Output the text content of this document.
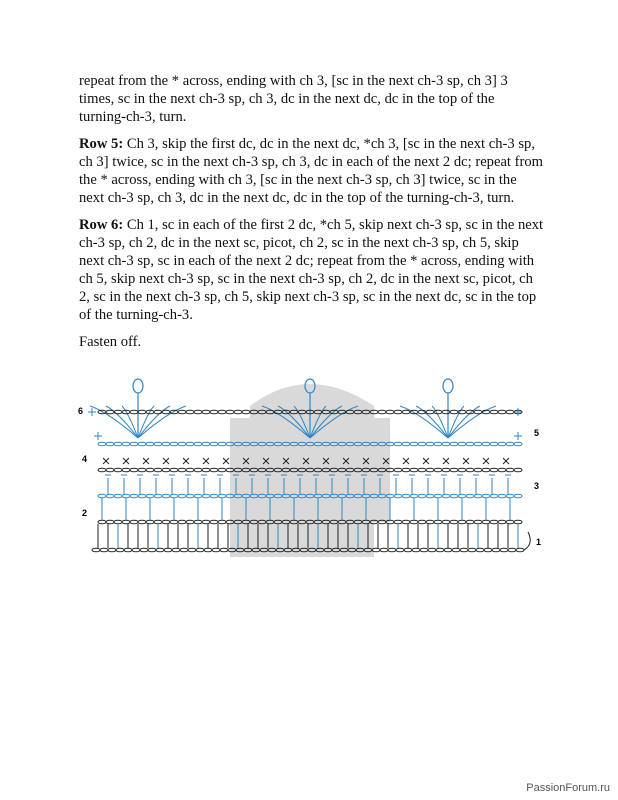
repeat from the * across, ending with ch 3, [sc in the next ch-3 sp, ch 3] 3 times, sc in the next ch-3 sp, ch 3, dc in the next dc, dc in the top of the turning-ch-3, turn.

Row 5: Ch 3, skip the first dc, dc in the next dc, *ch 3, [sc in the next ch-3 sp, ch 3] twice, sc in the next ch-3 sp, ch 3, dc in each of the next 2 dc; repeat from the * across, ending with ch 3, [sc in the next ch-3 sp, ch 3] twice, sc in the next ch-3 sp, ch 3, dc in the next dc, dc in the top of the turning-ch-3, turn.

Row 6: Ch 1, sc in each of the first 2 dc, *ch 5, skip next ch-3 sp, sc in the next ch-3 sp, ch 2, dc in the next sc, picot, ch 2, sc in the next ch-3 sp, ch 5, skip next ch-3 sp, sc in each of the next 2 dc; repeat from the * across, ending with ch 5, skip next ch-3 sp, sc in the next ch-3 sp, ch 2, dc in the next sc, picot, ch 2, sc in the next ch-3 sp, ch 5, skip next ch-3 sp, sc in the next dc, sc in the top of the turning-ch-3.

Fasten off.

6
4
2
5
3
1
PassionForum.ru
